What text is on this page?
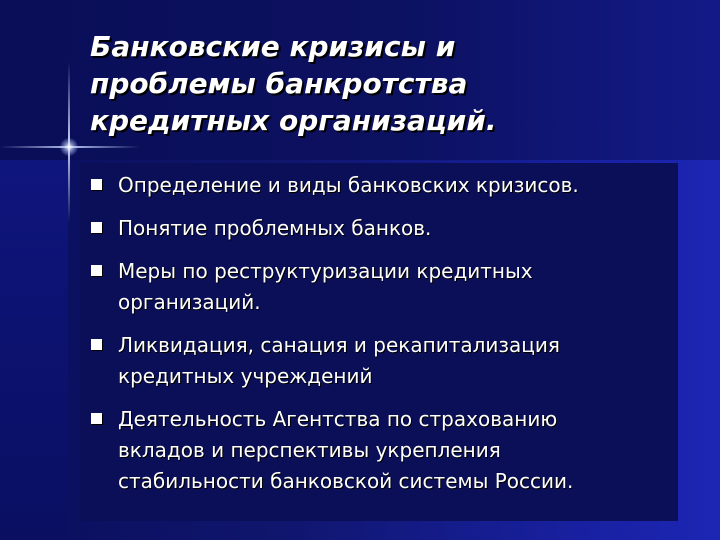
Банковские кризисы и
проблемы банкротства
кредитных организаций.
Определение и виды банковских кризисов.
Понятие проблемных банков.
Меры по реструктуризации кредитных
организаций.
Ликвидация, санация и рекапитализация
кредитных учреждений
Деятельность Агентства по страхованию
вкладов и перспективы укрепления
стабильности банковской системы России.
